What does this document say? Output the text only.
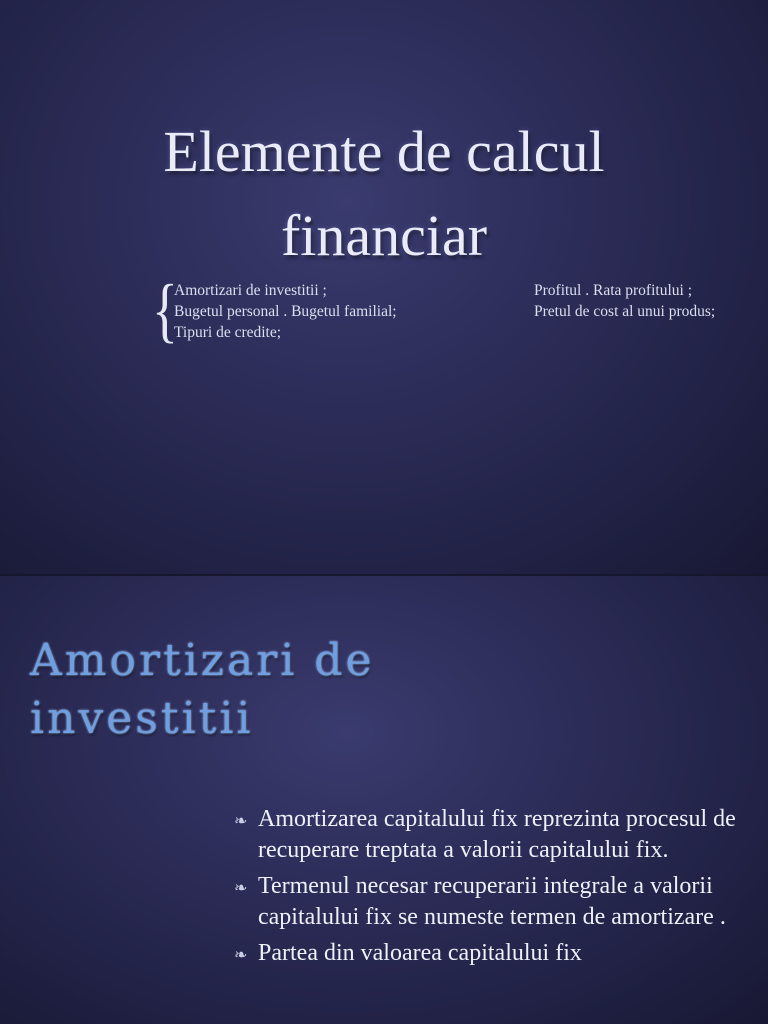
Elemente de calcul
financiar
{
Amortizari de investitii ;
Bugetul personal . Bugetul familial;
Tipuri de credite;
Profitul . Rata profitului ;
Pretul de cost al unui produs;
Amortizari de
investitii
❧ Amortizarea capitalului fix reprezinta procesul de recuperare treptata a valorii capitalului fix.
❧ Termenul necesar recuperarii integrale a valorii capitalului fix se numeste termen de amortizare .
❧ Partea din valoarea capitalului fix
